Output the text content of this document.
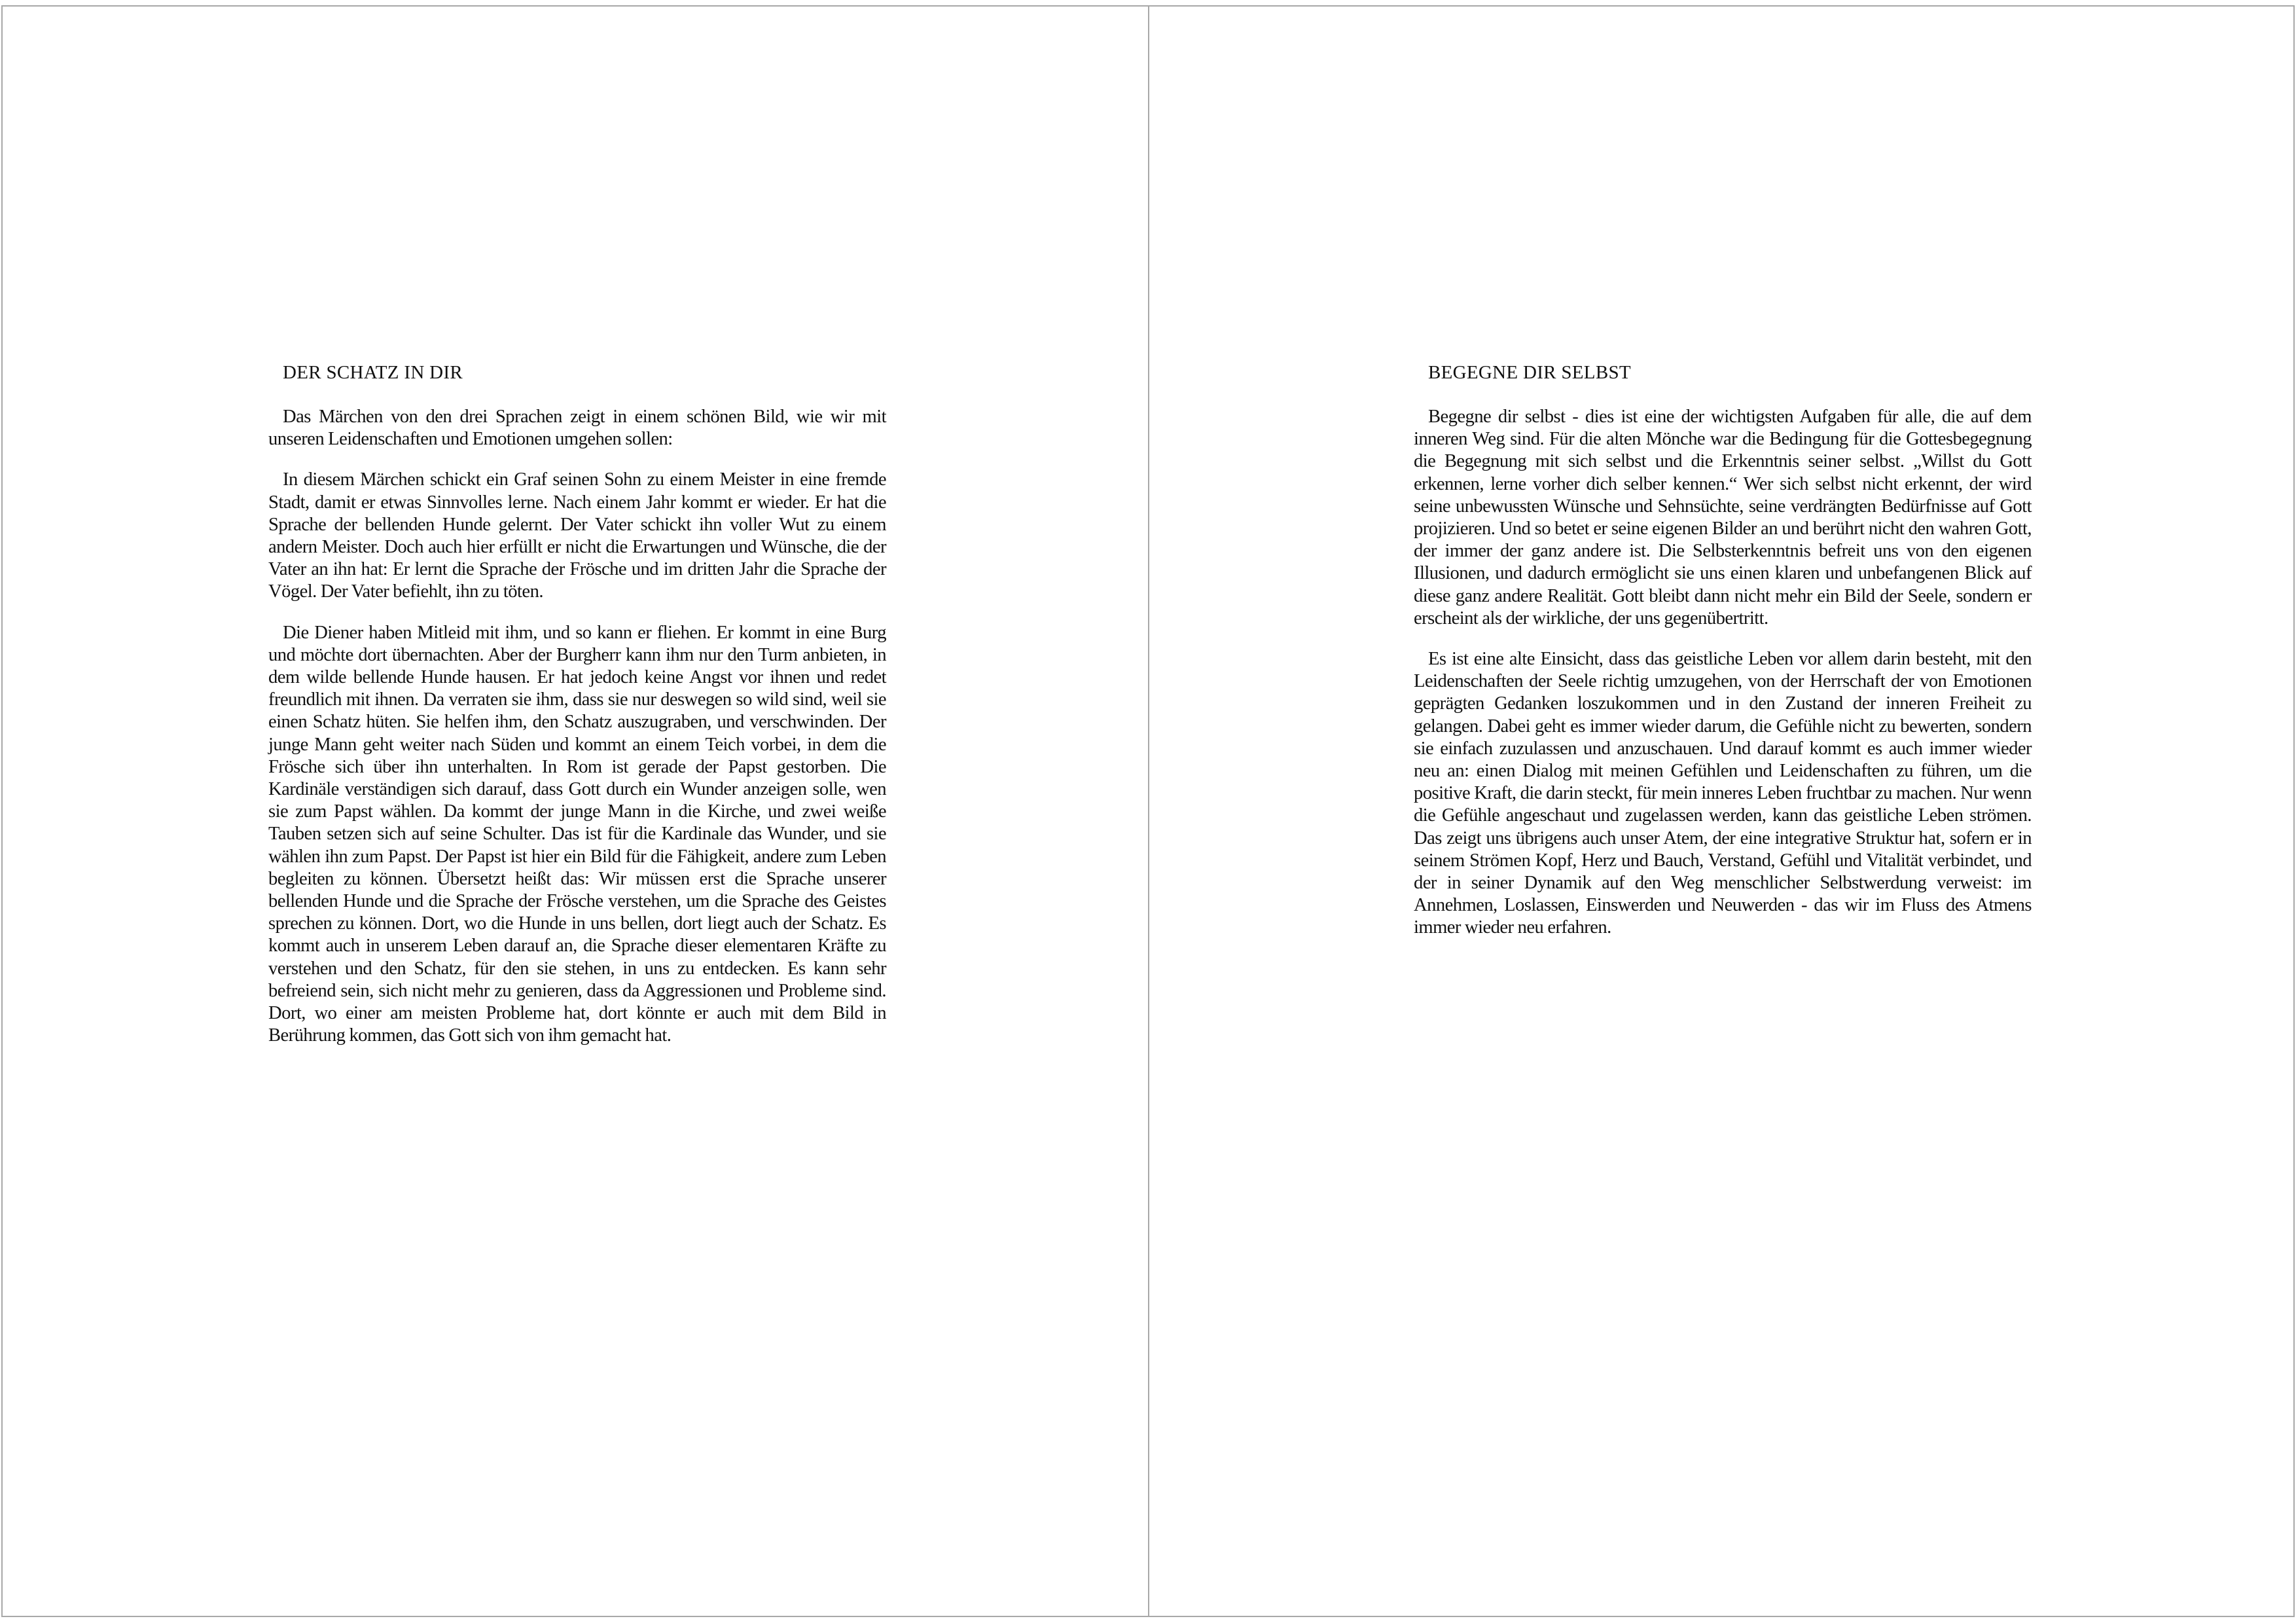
DER SCHATZ IN DIR

Das Märchen von den drei Sprachen zeigt in einem schönen Bild, wie wir mit unseren Leidenschaften und Emotionen umgehen sollen:

In diesem Märchen schickt ein Graf seinen Sohn zu einem Meister in eine fremde Stadt, damit er etwas Sinnvolles lerne. Nach einem Jahr kommt er wieder. Er hat die Sprache der bellenden Hunde gelernt. Der Vater schickt ihn voller Wut zu einem andern Meister. Doch auch hier erfüllt er nicht die Erwartungen und Wünsche, die der Vater an ihn hat: Er lernt die Sprache der Frösche und im dritten Jahr die Sprache der Vögel. Der Vater befiehlt, ihn zu töten.

Die Diener haben Mitleid mit ihm, und so kann er fliehen. Er kommt in eine Burg und möchte dort übernachten. Aber der Burgherr kann ihm nur den Turm anbieten, in dem wilde bellende Hunde hausen. Er hat jedoch keine Angst vor ihnen und redet freundlich mit ihnen. Da verraten sie ihm, dass sie nur deswegen so wild sind, weil sie einen Schatz hüten. Sie helfen ihm, den Schatz auszugraben, und verschwinden. Der junge Mann geht weiter nach Süden und kommt an einem Teich vorbei, in dem die Frösche sich über ihn unterhalten. In Rom ist gerade der Papst gestorben. Die Kardinäle verständigen sich darauf, dass Gott durch ein Wunder anzeigen solle, wen sie zum Papst wählen. Da kommt der junge Mann in die Kirche, und zwei weiße Tauben setzen sich auf seine Schulter. Das ist für die Kardinale das Wunder, und sie wählen ihn zum Papst. Der Papst ist hier ein Bild für die Fähigkeit, andere zum Leben begleiten zu können. Übersetzt heißt das: Wir müssen erst die Sprache unserer bellenden Hunde und die Sprache der Frösche verstehen, um die Sprache des Geistes sprechen zu können. Dort, wo die Hunde in uns bellen, dort liegt auch der Schatz. Es kommt auch in unserem Leben darauf an, die Sprache dieser elementaren Kräfte zu verstehen und den Schatz, für den sie stehen, in uns zu entdecken. Es kann sehr befreiend sein, sich nicht mehr zu genieren, dass da Aggressionen und Probleme sind. Dort, wo einer am meisten Probleme hat, dort könnte er auch mit dem Bild in Berührung kommen, das Gott sich von ihm gemacht hat.

BEGEGNE DIR SELBST

Begegne dir selbst - dies ist eine der wichtigsten Aufgaben für alle, die auf dem inneren Weg sind. Für die alten Mönche war die Bedingung für die Gottesbegegnung die Begegnung mit sich selbst und die Erkenntnis seiner selbst. „Willst du Gott erkennen, lerne vorher dich selber kennen.“ Wer sich selbst nicht erkennt, der wird seine unbewussten Wünsche und Sehnsüchte, seine verdrängten Bedürfnisse auf Gott projizieren. Und so betet er seine eigenen Bilder an und berührt nicht den wahren Gott, der immer der ganz andere ist. Die Selbsterkenntnis befreit uns von den eigenen Illusionen, und dadurch ermöglicht sie uns einen klaren und unbefangenen Blick auf diese ganz andere Realität. Gott bleibt dann nicht mehr ein Bild der Seele, sondern er erscheint als der wirkliche, der uns gegenübertritt.

Es ist eine alte Einsicht, dass das geistliche Leben vor allem darin besteht, mit den Leidenschaften der Seele richtig umzugehen, von der Herrschaft der von Emotionen geprägten Gedanken loszukommen und in den Zustand der inneren Freiheit zu gelangen. Dabei geht es immer wieder darum, die Gefühle nicht zu bewerten, sondern sie einfach zuzulassen und anzuschauen. Und darauf kommt es auch immer wieder neu an: einen Dialog mit meinen Gefühlen und Leidenschaften zu führen, um die positive Kraft, die darin steckt, für mein inneres Leben fruchtbar zu machen. Nur wenn die Gefühle angeschaut und zugelassen werden, kann das geistliche Leben strömen. Das zeigt uns übrigens auch unser Atem, der eine integrative Struktur hat, sofern er in seinem Strömen Kopf, Herz und Bauch, Verstand, Gefühl und Vitalität verbindet, und der in seiner Dynamik auf den Weg menschlicher Selbstwerdung verweist: im Annehmen, Loslassen, Einswerden und Neuwerden - das wir im Fluss des Atmens immer wieder neu erfahren.
